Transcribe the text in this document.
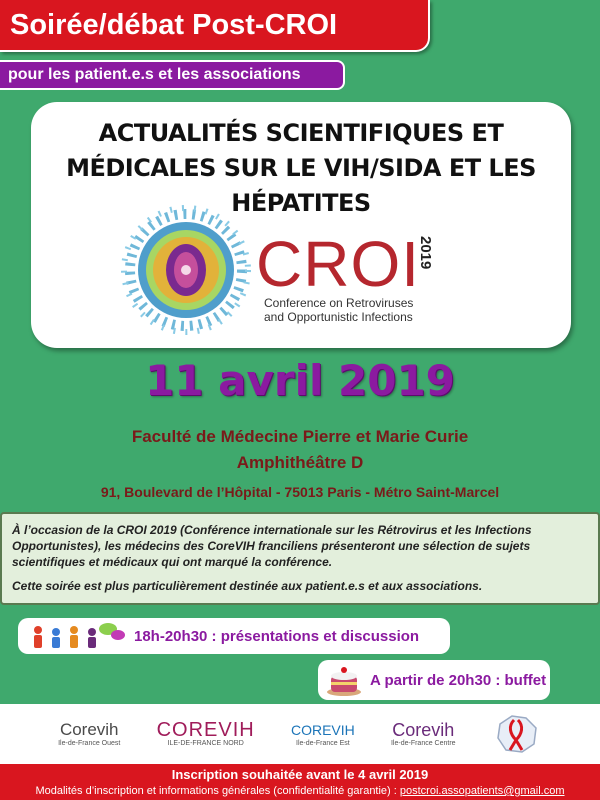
Soirée/débat Post-CROI
pour les patient.e.s et les associations
ACTUALITÉS SCIENTIFIQUES ET
MÉDICALES SUR LE VIH/SIDA ET LES
HÉPATITES
CROI
2019
Conference on Retroviruses
and Opportunistic Infections
11 avril 2019
Faculté de Médecine Pierre et Marie Curie
Amphithéâtre D
91, Boulevard de l’Hôpital - 75013 Paris - Métro Saint-Marcel

À l’occasion de la CROI 2019 (Conférence internationale sur les Rétrovirus et les Infections Opportunistes), les médecins des CoreVIH franciliens présenteront une sélection de sujets scientifiques et médicaux qui ont marqué la conférence.

Cette soirée est plus particulièrement destinée aux patient.e.s et aux associations.

18h-20h30 : présentations et discussion
A partir de 20h30 : buffet
Corevih
Ile-de-France Ouest
COREVIH
ILE-DE-FRANCE NORD
COREVIH
Ile-de-France Est
Corevih
Ile-de-France Centre
Inscription souhaitée avant le 4 avril 2019
Modalités d’inscription et informations générales (confidentialité garantie) : postcroi.assopatients@gmail.com
